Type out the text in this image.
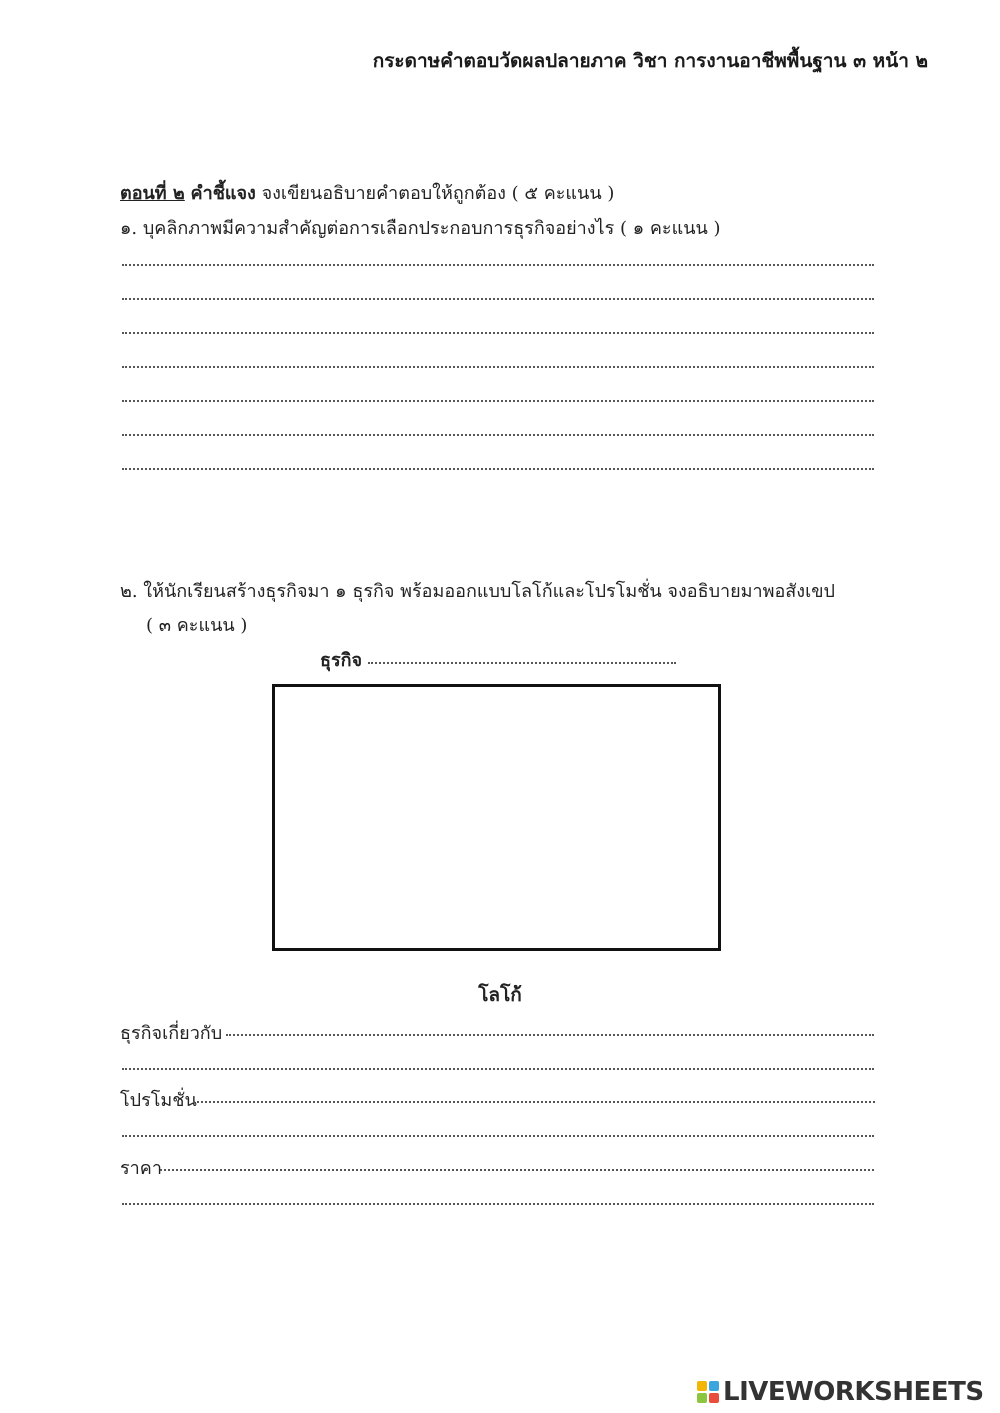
กระดาษคำตอบวัดผลปลายภาค วิชา การงานอาชีพพื้นฐาน ๓ หน้า ๒
ตอนที่ ๒ คำชี้แจง จงเขียนอธิบายคำตอบให้ถูกต้อง ( ๕ คะแนน )
๑. บุคลิกภาพมีความสำคัญต่อการเลือกประกอบการธุรกิจอย่างไร ( ๑ คะแนน )
๒. ให้นักเรียนสร้างธุรกิจมา ๑ ธุรกิจ พร้อมออกแบบโลโก้และโปรโมชั่น จงอธิบายมาพอสังเขป
( ๓ คะแนน )
ธุรกิจ
โลโก้
ธุรกิจเกี่ยวกับ
โปรโมชั่น
ราคา
LIVEWORKSHEETS
